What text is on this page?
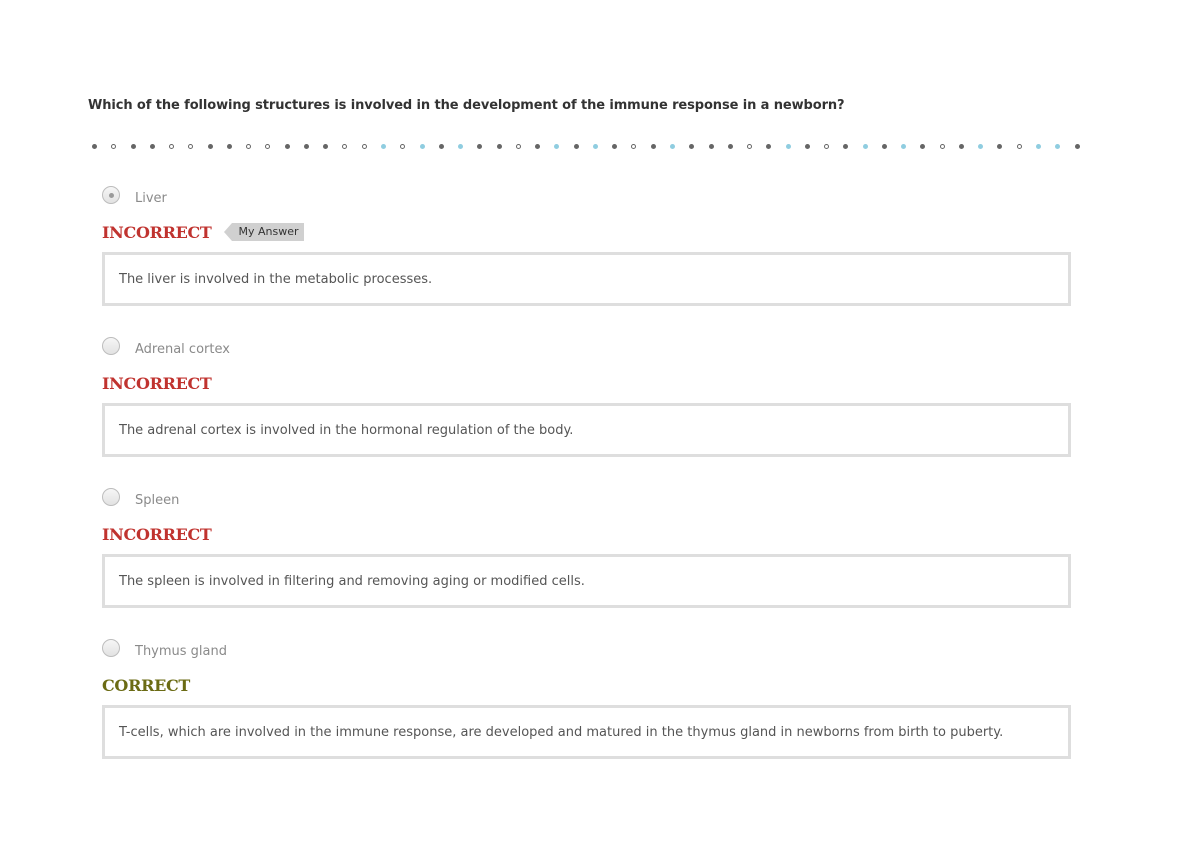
Which of the following structures is involved in the development of the immune response in a newborn?
Liver
INCORRECT	My Answer
The liver is involved in the metabolic processes.
Adrenal cortex
INCORRECT
The adrenal cortex is involved in the hormonal regulation of the body.
Spleen
INCORRECT
The spleen is involved in filtering and removing aging or modified cells.
Thymus gland
CORRECT
T-cells, which are involved in the immune response, are developed and matured in the thymus gland in newborns from birth to puberty.
